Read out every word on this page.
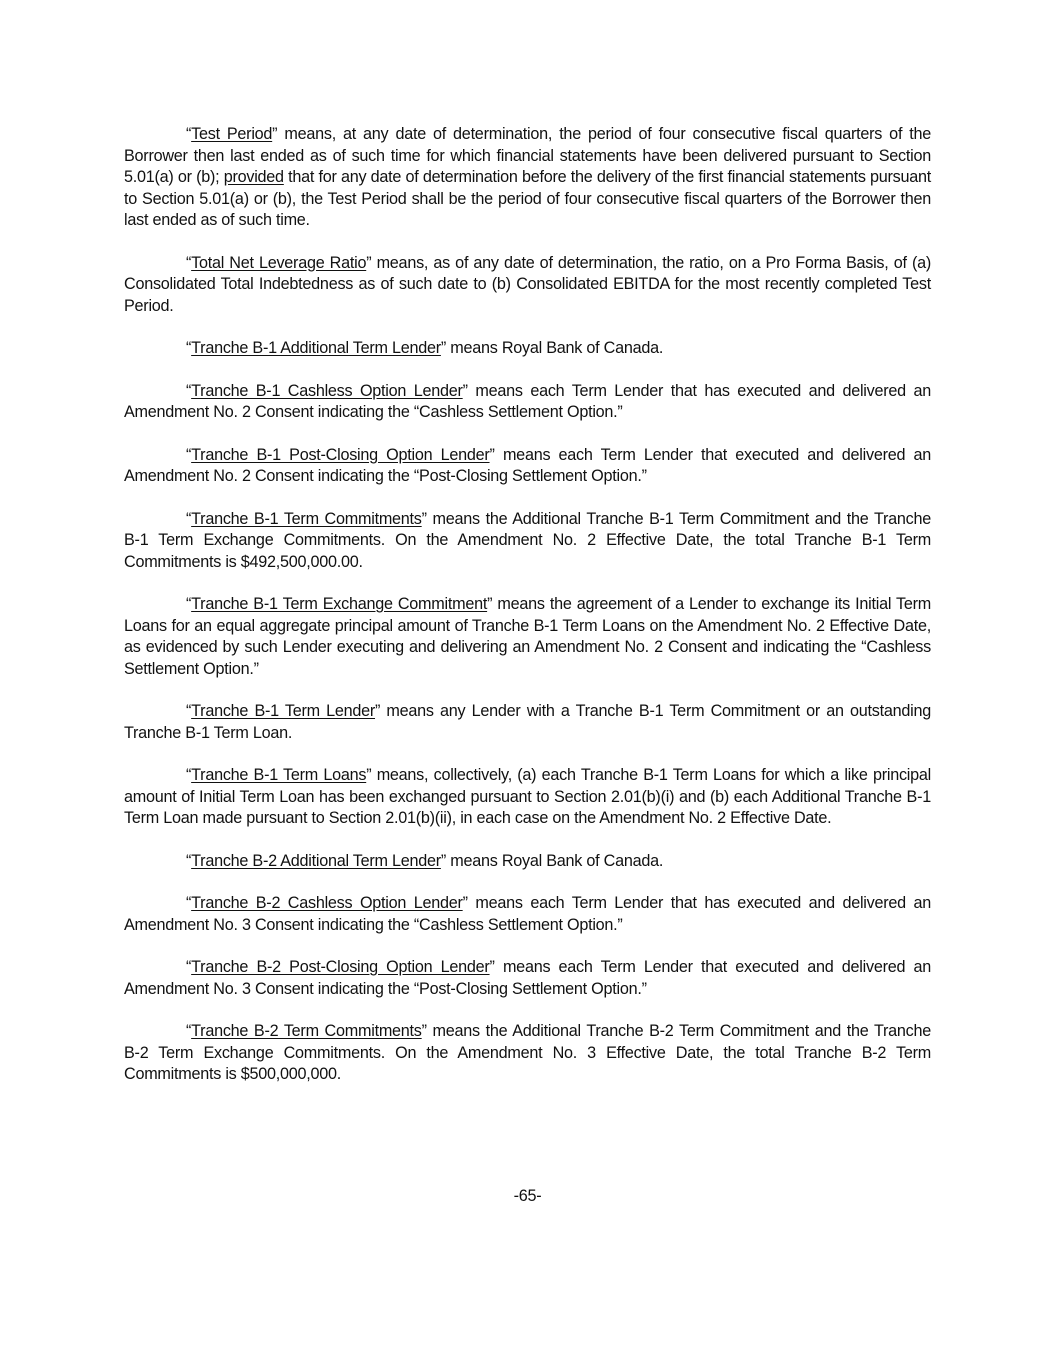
“Test Period” means, at any date of determination, the period of four consecutive fiscal quarters of the Borrower then last ended as of such time for which financial statements have been delivered pursuant to Section 5.01(a) or (b); provided that for any date of determination before the delivery of the first financial statements pursuant to Section 5.01(a) or (b), the Test Period shall be the period of four consecutive fiscal quarters of the Borrower then last ended as of such time.

“Total Net Leverage Ratio” means, as of any date of determination, the ratio, on a Pro Forma Basis, of (a) Consolidated Total Indebtedness as of such date to (b) Consolidated EBITDA for the most recently completed Test Period.

“Tranche B-1 Additional Term Lender” means Royal Bank of Canada.

“Tranche B-1 Cashless Option Lender” means each Term Lender that has executed and delivered an Amendment No. 2 Consent indicating the “Cashless Settlement Option.”

“Tranche B-1 Post-Closing Option Lender” means each Term Lender that executed and delivered an Amendment No. 2 Consent indicating the “Post-Closing Settlement Option.”

“Tranche B-1 Term Commitments” means the Additional Tranche B-1 Term Commitment and the Tranche B-1 Term Exchange Commitments. On the Amendment No. 2 Effective Date, the total Tranche B-1 Term Commitments is $492,500,000.00.

“Tranche B-1 Term Exchange Commitment” means the agreement of a Lender to exchange its Initial Term Loans for an equal aggregate principal amount of Tranche B-1 Term Loans on the Amendment No. 2 Effective Date, as evidenced by such Lender executing and delivering an Amendment No. 2 Consent and indicating the “Cashless Settlement Option.”

“Tranche B-1 Term Lender” means any Lender with a Tranche B-1 Term Commitment or an outstanding Tranche B-1 Term Loan.

“Tranche B-1 Term Loans” means, collectively, (a) each Tranche B-1 Term Loans for which a like principal amount of Initial Term Loan has been exchanged pursuant to Section 2.01(b)(i) and (b) each Additional Tranche B-1 Term Loan made pursuant to Section 2.01(b)(ii), in each case on the Amendment No. 2 Effective Date.

“Tranche B-2 Additional Term Lender” means Royal Bank of Canada.

“Tranche B-2 Cashless Option Lender” means each Term Lender that has executed and delivered an Amendment No. 3 Consent indicating the “Cashless Settlement Option.”

“Tranche B-2 Post-Closing Option Lender” means each Term Lender that executed and delivered an Amendment No. 3 Consent indicating the “Post-Closing Settlement Option.”

“Tranche B-2 Term Commitments” means the Additional Tranche B-2 Term Commitment and the Tranche B-2 Term Exchange Commitments. On the Amendment No. 3 Effective Date, the total Tranche B-2 Term Commitments is $500,000,000.

-65-
